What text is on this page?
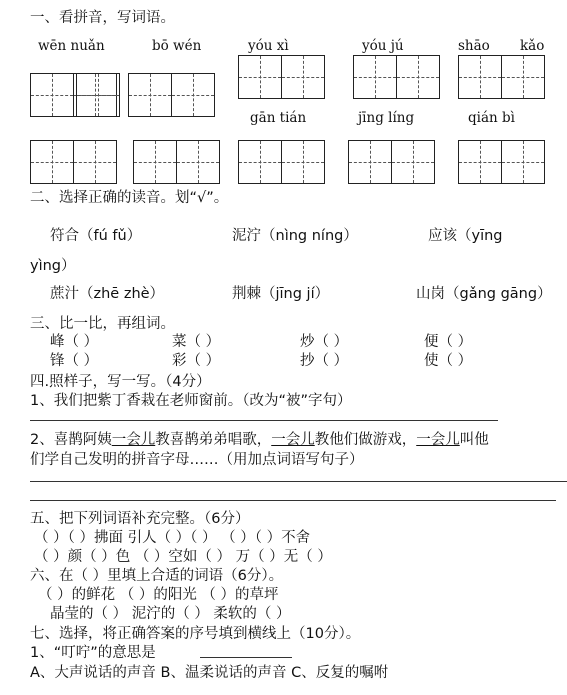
一、看拼音，写词语。
wēn nuǎn	bō wén	yóu xì	yóu jú	shāo kǎo
gān tián	jīng líng	qián bì
二、选择正确的读音。划“√”。
符合（fú fǔ）	泥泞（nìng níng）	应该（yīng
yìng）
蔗汁（zhē zhè）	荆棘（jīng jí）	山岗（gǎng gāng）
三、比一比，再组词。
峰（ ）	菜（ ）	炒（ ）	便（ ）
锋（ ）	彩（ ）	抄（ ）	使（ ）
四.照样子，写一写。（4分）
1、我们把紫丁香栽在老师窗前。（改为“被”字句）
2、喜鹊阿姨一会儿教喜鹊弟弟唱歌，一会儿教他们做游戏，一会儿叫他
们学自己发明的拼音字母……（用加点词语写句子）
五、把下列词语补充完整。（6分）
（ ）（ ）拂面 引人（ ）（ ） （ ）（ ）不舍
（ ）颜（ ）色 （ ）空如（ ） 万（ ）无（ ）
六、在（ ）里填上合适的词语（6分）。
（ ）的鲜花 （ ）的阳光 （ ）的草坪
晶莹的（ ） 泥泞的（ ） 柔软的（ ）
七、选择，将正确答案的序号填到横线上（10分）。
1、“叮咛”的意思是
A、大声说话的声音 B、温柔说话的声音 C、反复的嘱咐
